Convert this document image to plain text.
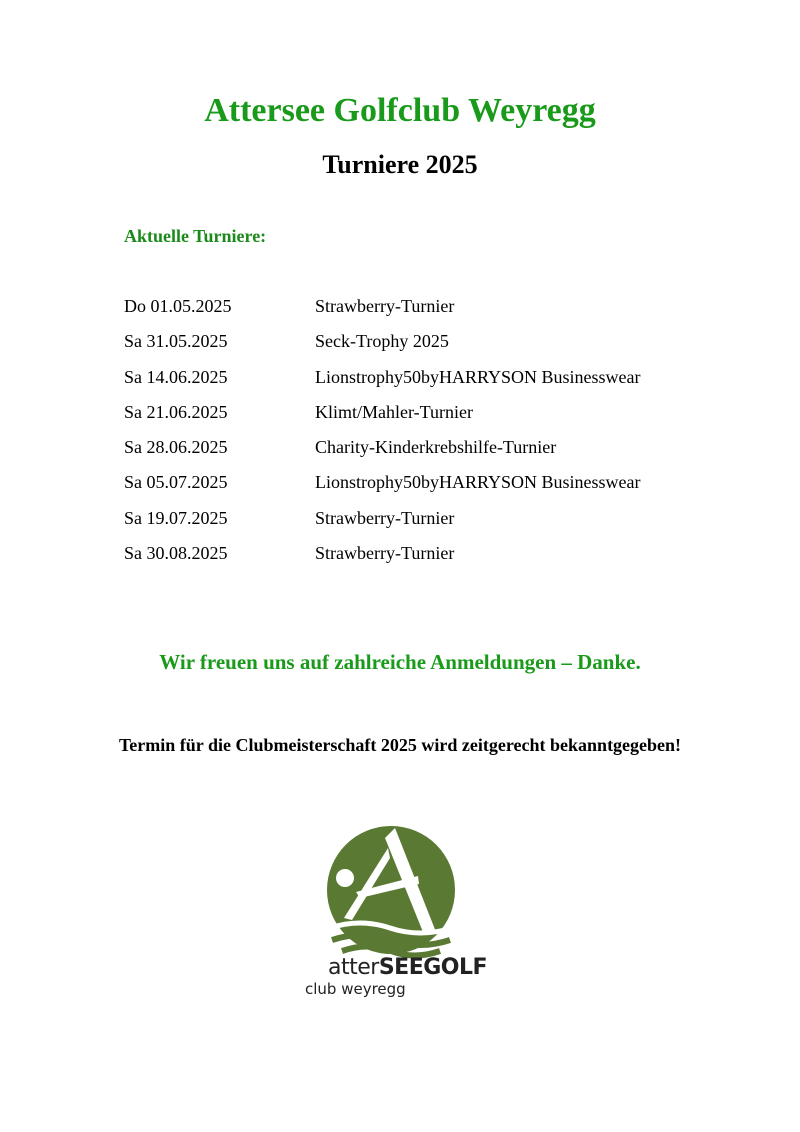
Attersee Golfclub Weyregg
Turniere 2025
Aktuelle Turniere:
Do 01.05.2025	Strawberry-Turnier
Sa 31.05.2025	Seck-Trophy 2025
Sa 14.06.2025	Lionstrophy50byHARRYSON Businesswear
Sa 21.06.2025	Klimt/Mahler-Turnier
Sa 28.06.2025	Charity-Kinderkrebshilfe-Turnier
Sa 05.07.2025	Lionstrophy50byHARRYSON Businesswear
Sa 19.07.2025	Strawberry-Turnier
Sa 30.08.2025	Strawberry-Turnier
Wir freuen uns auf zahlreiche Anmeldungen – Danke.
Termin für die Clubmeisterschaft 2025 wird zeitgerecht bekanntgegeben!
atterSEEGOLF
club weyregg
